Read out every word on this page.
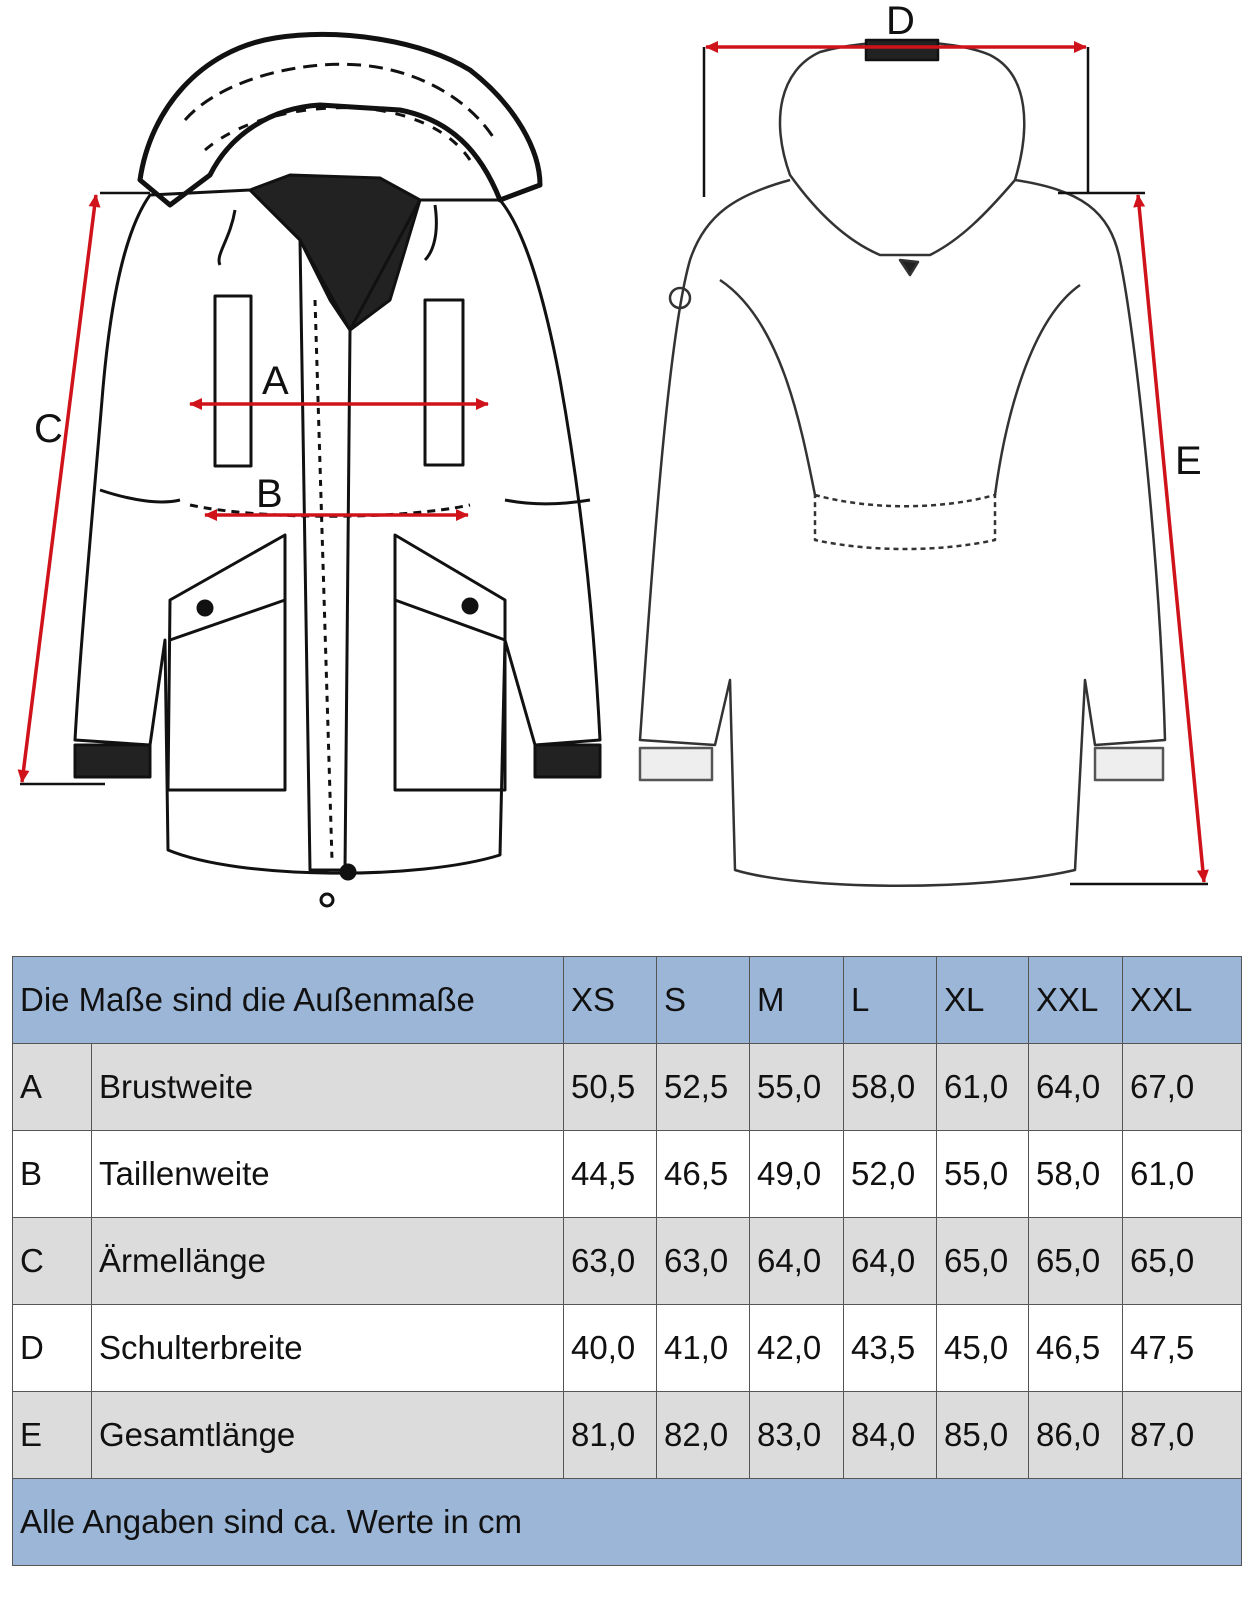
A
B
C
D
E
Die Maße sind die Außenmaße		XS	S	M	L	XL	XXL	XXL
A	Brustweite	50,5	52,5	55,0	58,0	61,0	64,0	67,0
B	Taillenweite	44,5	46,5	49,0	52,0	55,0	58,0	61,0
C	Ärmellänge	63,0	63,0	64,0	64,0	65,0	65,0	65,0
D	Schulterbreite	40,0	41,0	42,0	43,5	45,0	46,5	47,5
E	Gesamtlänge	81,0	82,0	83,0	84,0	85,0	86,0	87,0
Alle Angaben sind ca. Werte in cm								
